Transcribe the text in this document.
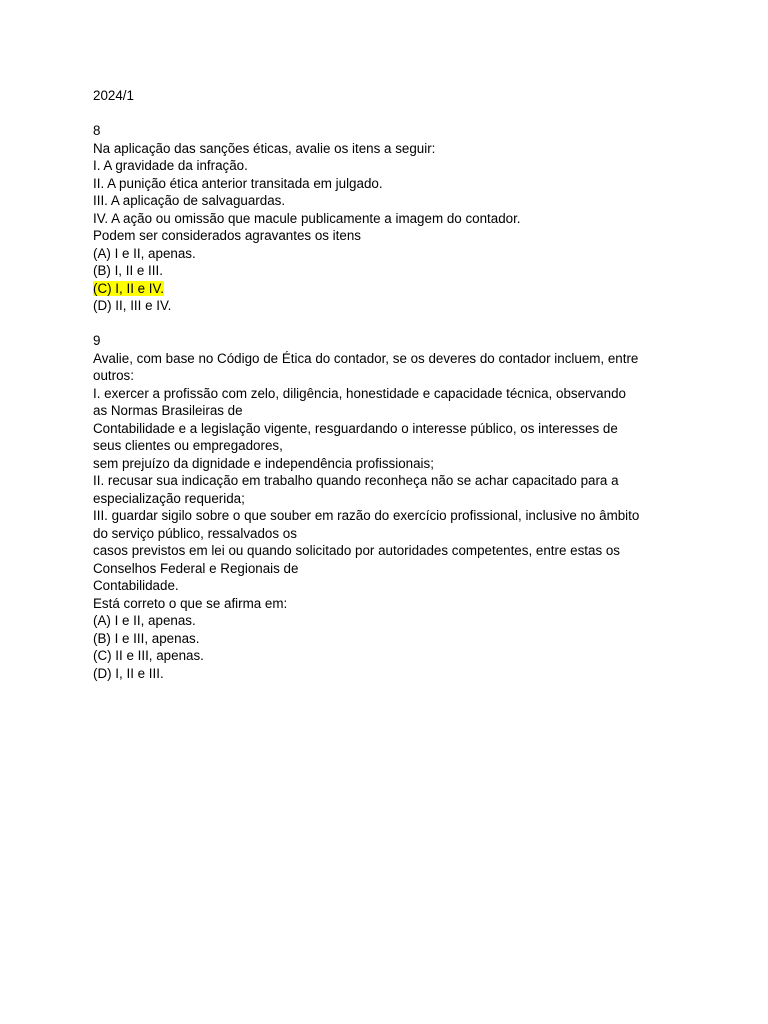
2024/1
8
Na aplicação das sanções éticas, avalie os itens a seguir:
I. A gravidade da infração.
II. A punição ética anterior transitada em julgado.
III. A aplicação de salvaguardas.
IV. A ação ou omissão que macule publicamente a imagem do contador.
Podem ser considerados agravantes os itens
(A) I e II, apenas.
(B) I, II e III.
(C) I, II e IV.
(D) II, III e IV.
9
Avalie, com base no Código de Ética do contador, se os deveres do contador incluem, entre
outros:
I. exercer a profissão com zelo, diligência, honestidade e capacidade técnica, observando
as Normas Brasileiras de
Contabilidade e a legislação vigente, resguardando o interesse público, os interesses de
seus clientes ou empregadores,
sem prejuízo da dignidade e independência profissionais;
II. recusar sua indicação em trabalho quando reconheça não se achar capacitado para a
especialização requerida;
III. guardar sigilo sobre o que souber em razão do exercício profissional, inclusive no âmbito
do serviço público, ressalvados os
casos previstos em lei ou quando solicitado por autoridades competentes, entre estas os
Conselhos Federal e Regionais de
Contabilidade.
Está correto o que se afirma em:
(A) I e II, apenas.
(B) I e III, apenas.
(C) II e III, apenas.
(D) I, II e III.
